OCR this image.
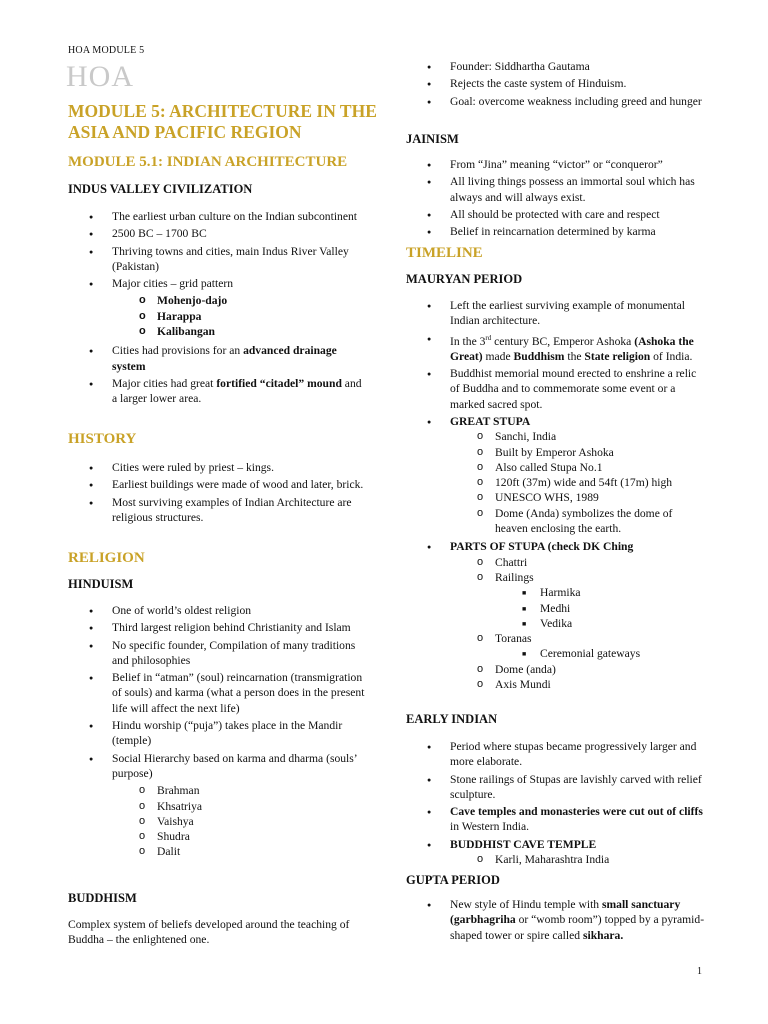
HOA MODULE 5
HOA
MODULE 5: ARCHITECTURE IN THE ASIA AND PACIFIC REGION
MODULE 5.1: INDIAN ARCHITECTURE
INDUS VALLEY CIVILIZATION
● The earliest urban culture on the Indian subcontinent
● 2500 BC – 1700 BC
● Thriving towns and cities, main Indus River Valley (Pakistan)
● Major cities – grid pattern
o Mohenjo-dajo
o Harappa
o Kalibangan
● Cities had provisions for an advanced drainage system
● Major cities had great fortified “citadel” mound and a larger lower area.
HISTORY
● Cities were ruled by priest – kings.
● Earliest buildings were made of wood and later, brick.
● Most surviving examples of Indian Architecture are religious structures.
RELIGION
HINDUISM
● One of world’s oldest religion
● Third largest religion behind Christianity and Islam
● No specific founder, Compilation of many traditions and philosophies
● Belief in “atman” (soul) reincarnation (transmigration of souls) and karma (what a person does in the present life will affect the next life)
● Hindu worship (“puja”) takes place in the Mandir (temple)
● Social Hierarchy based on karma and dharma (souls’ purpose)
o Brahman
o Khsatriya
o Vaishya
o Shudra
o Dalit
BUDDHISM
Complex system of beliefs developed around the teaching of Buddha – the enlightened one.
● Founder: Siddhartha Gautama
● Rejects the caste system of Hinduism.
● Goal: overcome weakness including greed and hunger
JAINISM
● From “Jina” meaning “victor” or “conqueror”
● All living things possess an immortal soul which has always and will always exist.
● All should be protected with care and respect
● Belief in reincarnation determined by karma
TIMELINE
MAURYAN PERIOD
● Left the earliest surviving example of monumental Indian architecture.
● In the 3rd century BC, Emperor Ashoka (Ashoka the Great) made Buddhism the State religion of India.
● Buddhist memorial mound erected to enshrine a relic of Buddha and to commemorate some event or a marked sacred spot.
● GREAT STUPA
o Sanchi, India
o Built by Emperor Ashoka
o Also called Stupa No.1
o 120ft (37m) wide and 54ft (17m) high
o UNESCO WHS, 1989
o Dome (Anda) symbolizes the dome of heaven enclosing the earth.
● PARTS OF STUPA (check DK Ching
o Chattri
o Railings
■ Harmika
■ Medhi
■ Vedika
o Toranas
■ Ceremonial gateways
o Dome (anda)
o Axis Mundi
EARLY INDIAN
● Period where stupas became progressively larger and more elaborate.
● Stone railings of Stupas are lavishly carved with relief sculpture.
● Cave temples and monasteries were cut out of cliffs in Western India.
● BUDDHIST CAVE TEMPLE
o Karli, Maharashtra India
GUPTA PERIOD
● New style of Hindu temple with small sanctuary (garbhagriha or “womb room”) topped by a pyramid-shaped tower or spire called sikhara.
1
